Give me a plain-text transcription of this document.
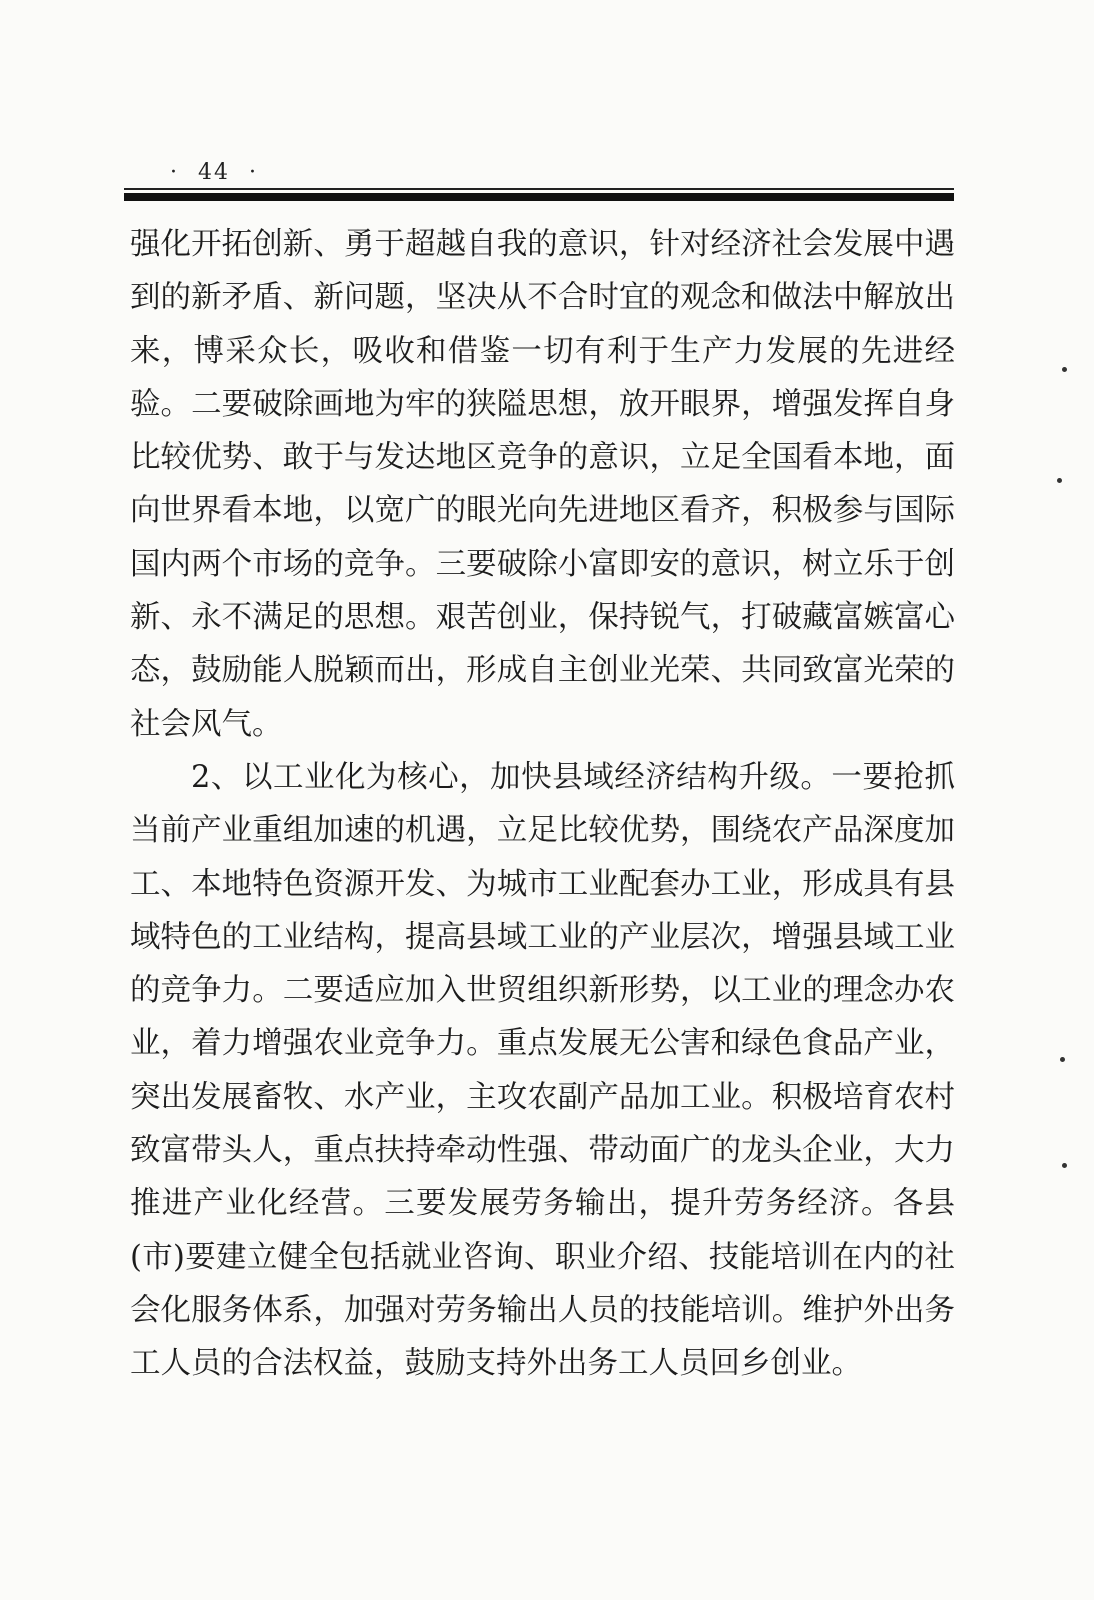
· 44 ·

强化开拓创新、勇于超越自我的意识，针对经济社会发展中遇到的新矛盾、新问题，坚决从不合时宜的观念和做法中解放出来，博采众长，吸收和借鉴一切有利于生产力发展的先进经验。二要破除画地为牢的狭隘思想，放开眼界，增强发挥自身比较优势、敢于与发达地区竞争的意识，立足全国看本地，面向世界看本地，以宽广的眼光向先进地区看齐，积极参与国际国内两个市场的竞争。三要破除小富即安的意识，树立乐于创新、永不满足的思想。艰苦创业，保持锐气，打破藏富嫉富心态，鼓励能人脱颖而出，形成自主创业光荣、共同致富光荣的社会风气。

2、以工业化为核心，加快县域经济结构升级。一要抢抓当前产业重组加速的机遇，立足比较优势，围绕农产品深度加工、本地特色资源开发、为城市工业配套办工业，形成具有县域特色的工业结构，提高县域工业的产业层次，增强县域工业的竞争力。二要适应加入世贸组织新形势，以工业的理念办农业，着力增强农业竞争力。重点发展无公害和绿色食品产业，突出发展畜牧、水产业，主攻农副产品加工业。积极培育农村致富带头人，重点扶持牵动性强、带动面广的龙头企业，大力推进产业化经营。三要发展劳务输出，提升劳务经济。各县(市)要建立健全包括就业咨询、职业介绍、技能培训在内的社会化服务体系，加强对劳务输出人员的技能培训。维护外出务工人员的合法权益，鼓励支持外出务工人员回乡创业。
